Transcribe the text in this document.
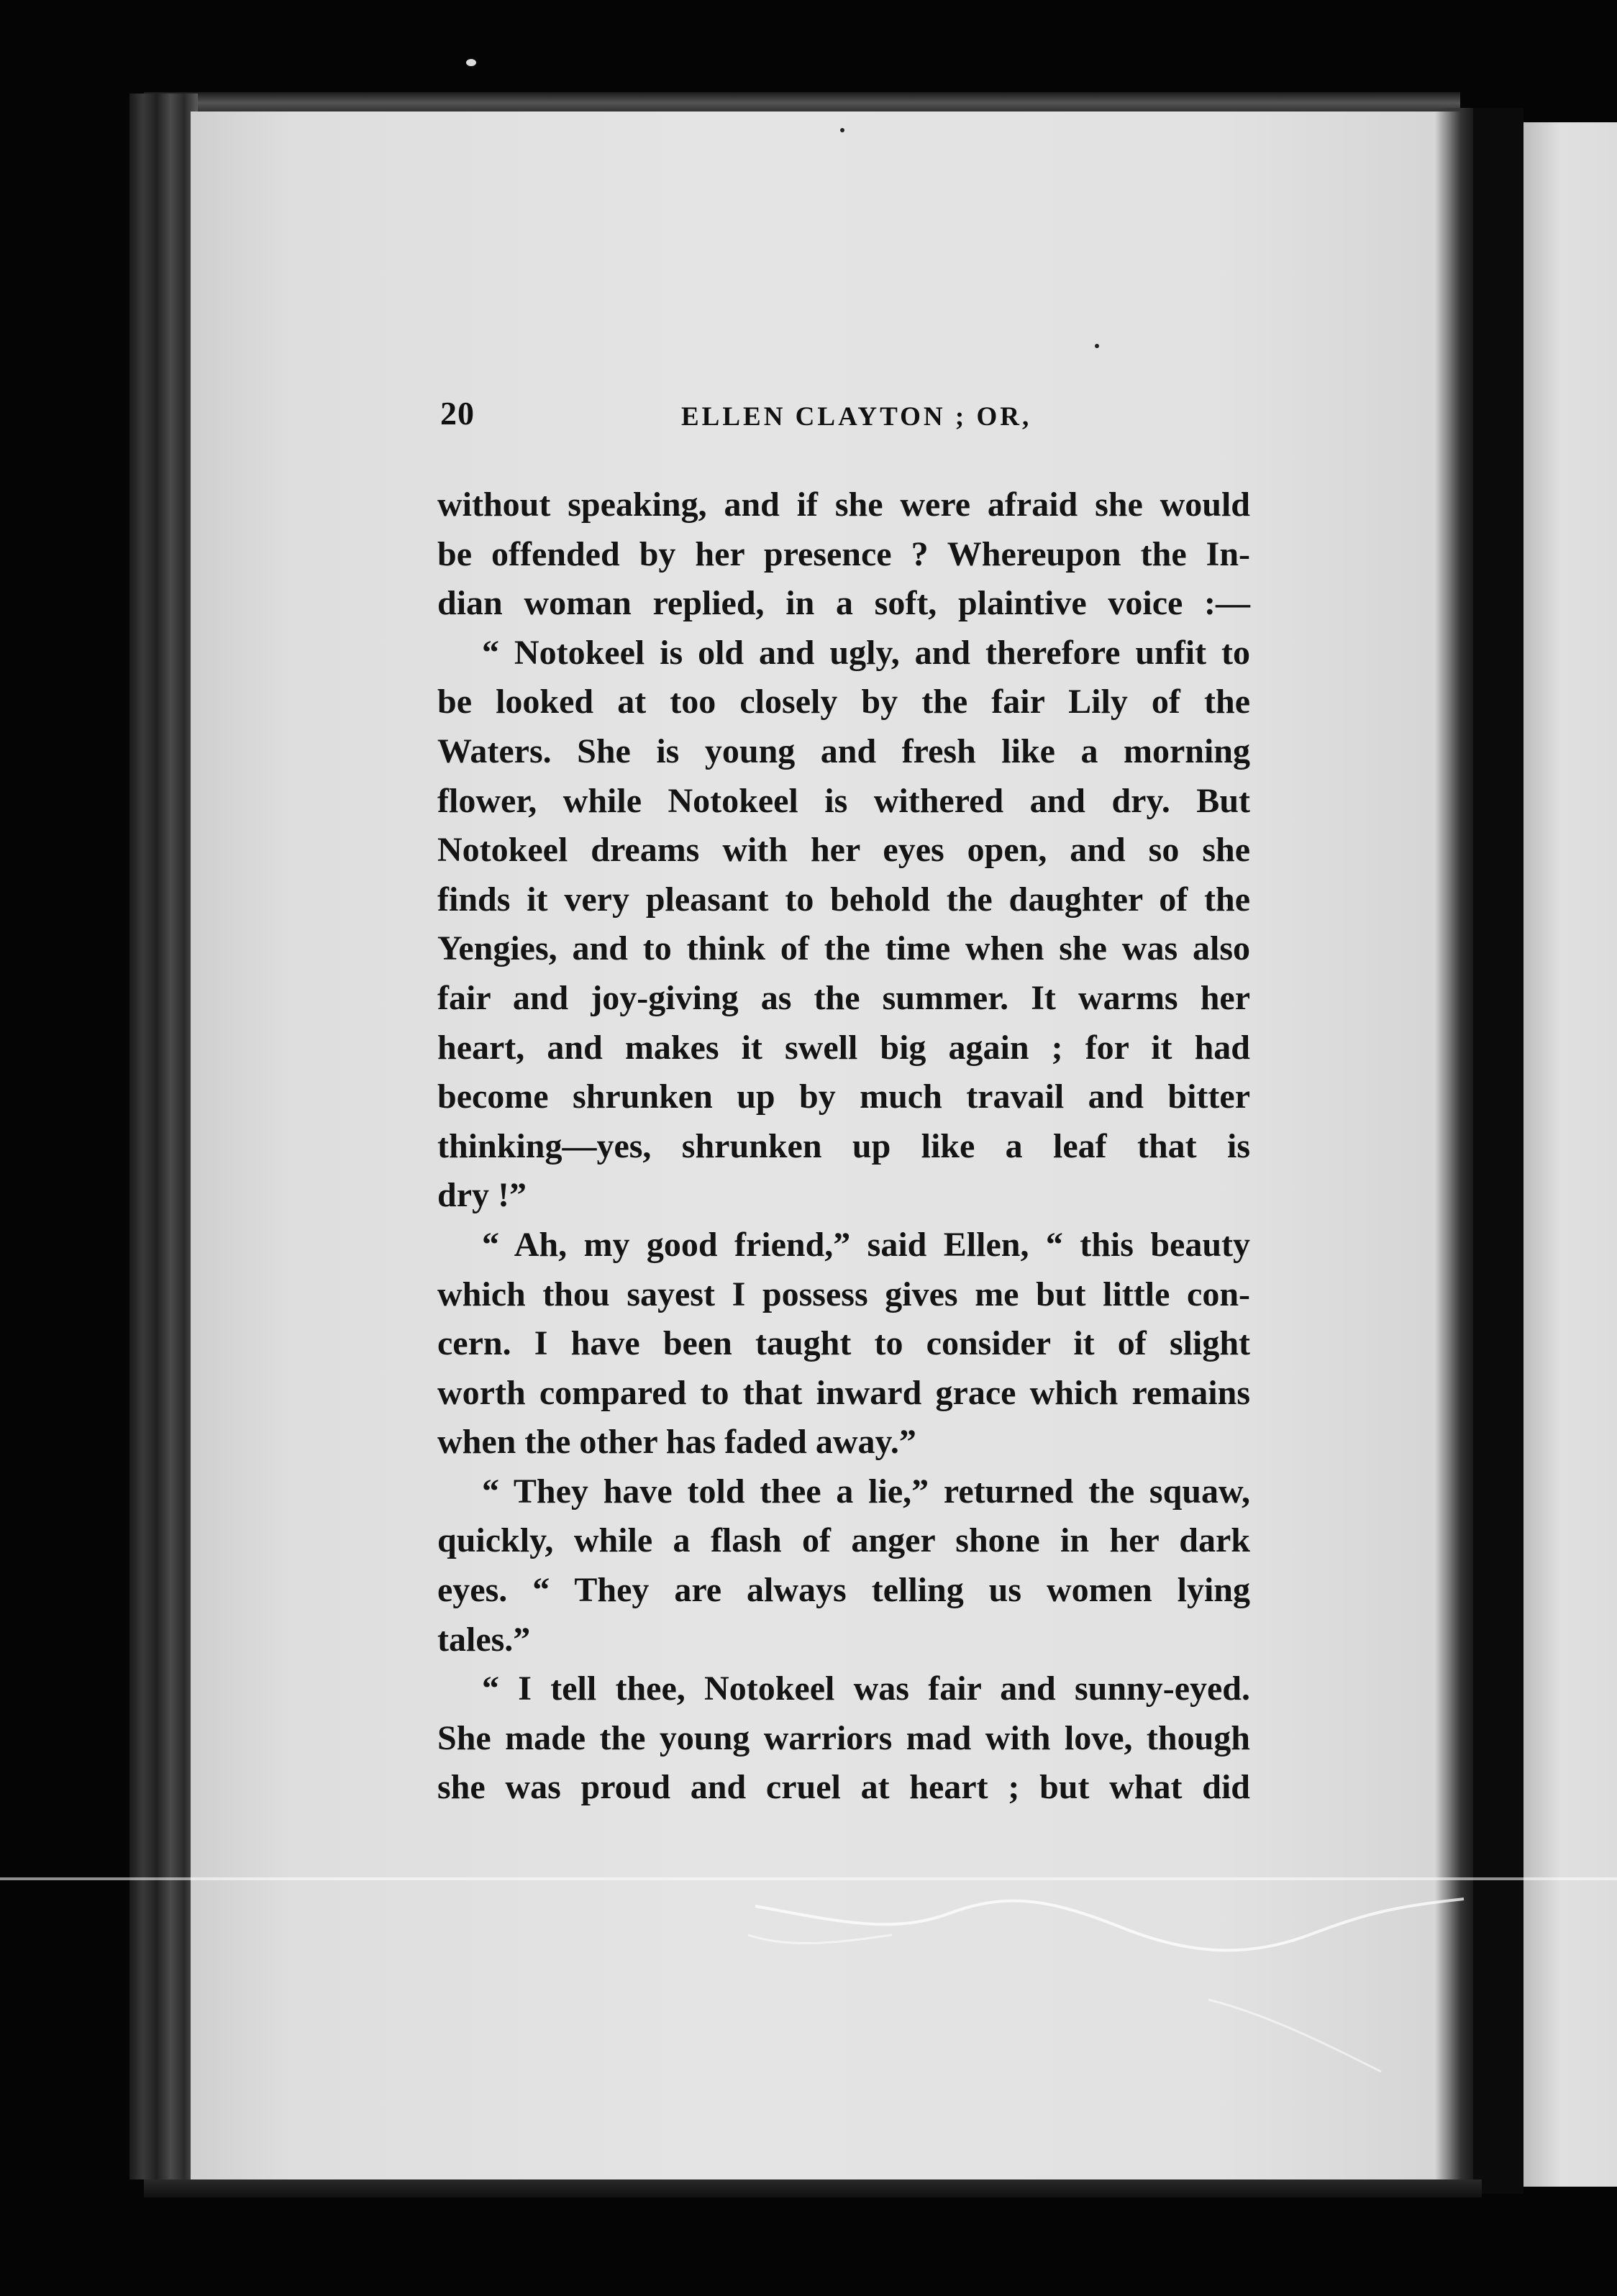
20	ELLEN CLAYTON ; OR,
without speaking, and if she were afraid she would
be offended by her presence ? Whereupon the In-
dian woman replied, in a soft, plaintive voice :—
“ Notokeel is old and ugly, and therefore unfit to
be looked at too closely by the fair Lily of the
Waters. She is young and fresh like a morning
flower, while Notokeel is withered and dry. But
Notokeel dreams with her eyes open, and so she
finds it very pleasant to behold the daughter of the
Yengies, and to think of the time when she was also
fair and joy-giving as the summer. It warms her
heart, and makes it swell big again ; for it had
become shrunken up by much travail and bitter
thinking—yes, shrunken up like a leaf that is
dry !”
“ Ah, my good friend,” said Ellen, “ this beauty
which thou sayest I possess gives me but little con-
cern. I have been taught to consider it of slight
worth compared to that inward grace which remains
when the other has faded away.”
“ They have told thee a lie,” returned the squaw,
quickly, while a flash of anger shone in her dark
eyes. “ They are always telling us women lying
tales.”
“ I tell thee, Notokeel was fair and sunny-eyed.
She made the young warriors mad with love, though
she was proud and cruel at heart ; but what did
